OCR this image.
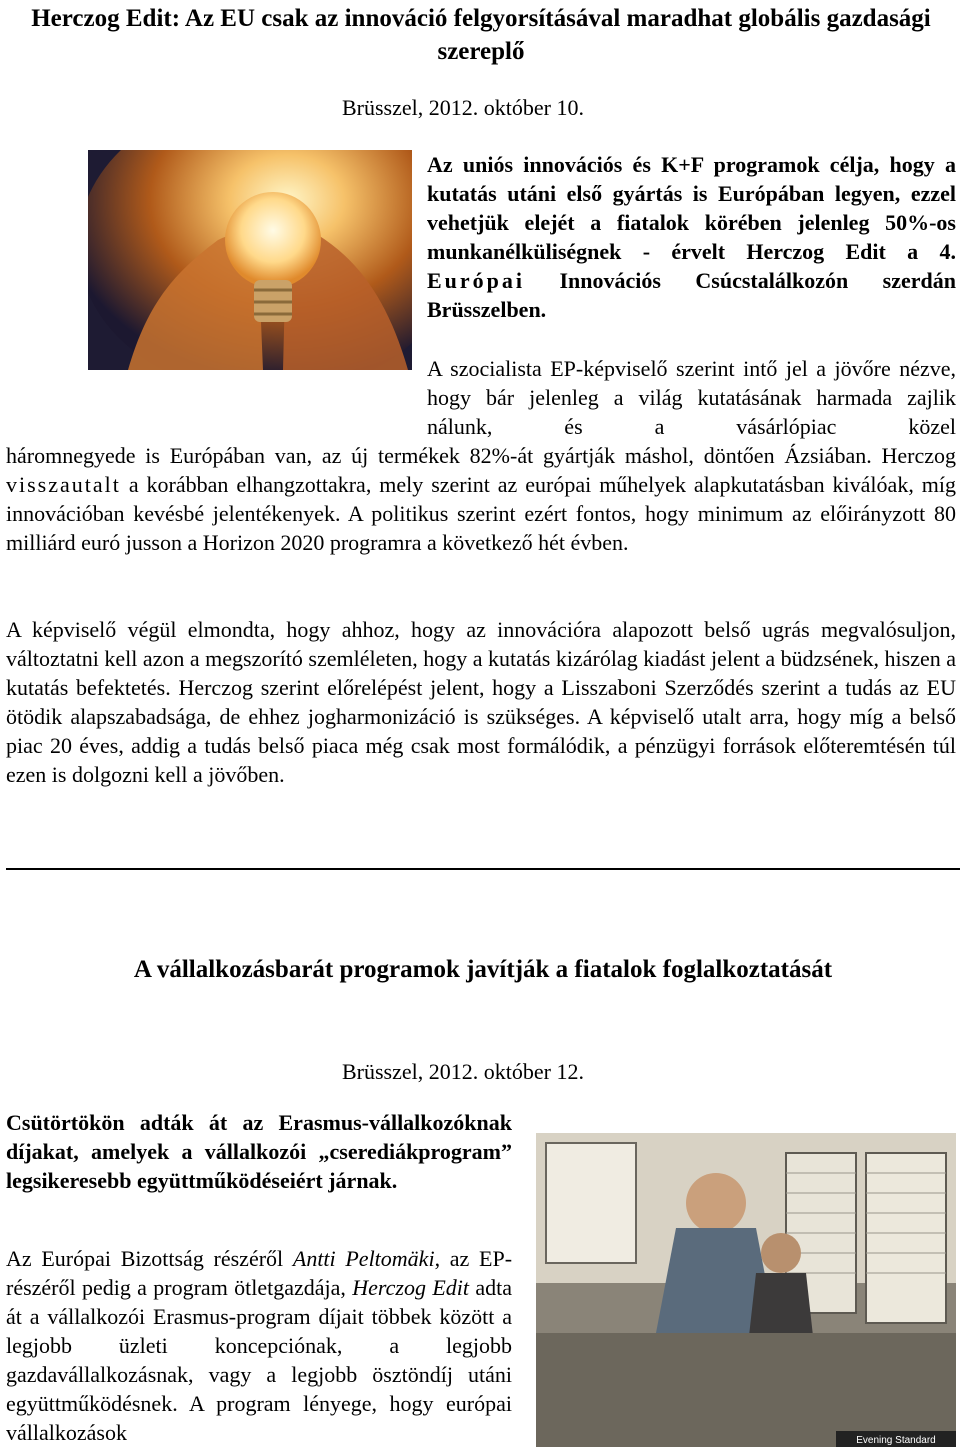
Herczog Edit: Az EU csak az innováció felgyorsításával maradhat globális gazdasági szereplő
Brüsszel, 2012. október 10.

Az uniós innovációs és K+F programok célja, hogy a kutatás utáni első gyártás is Európában legyen, ezzel vehetjük elejét a fiatalok körében jelenleg 50%-os munkanélküliségnek - érvelt Herczog Edit a 4. Európai Innovációs Csúcstalálkozón szerdán Brüsszelben.

A szocialista EP-képviselő szerint intő jel a jövőre nézve, hogy bár jelenleg a világ kutatásának harmada zajlik nálunk, és a vásárlópiac közel

háromnegyede is Európában van, az új termékek 82%-át gyártják máshol, döntően Ázsiában. Herczog visszautalt a korábban elhangzottakra, mely szerint az európai műhelyek alapkutatásban kiválóak, míg innovációban kevésbé jelentékenyek. A politikus szerint ezért fontos, hogy minimum az előirányzott 80 milliárd euró jusson a Horizon 2020 programra a következő hét évben.

A képviselő végül elmondta, hogy ahhoz, hogy az innovációra alapozott belső ugrás megvalósuljon, változtatni kell azon a megszorító szemléleten, hogy a kutatás kizárólag kiadást jelent a büdzsének, hiszen a kutatás befektetés. Herczog szerint előrelépést jelent, hogy a Lisszaboni Szerződés szerint a tudás az EU ötödik alapszabadsága, de ehhez jogharmonizáció is szükséges. A képviselő utalt arra, hogy míg a belső piac 20 éves, addig a tudás belső piaca még csak most formálódik, a pénzügyi források előteremtésén túl ezen is dolgozni kell a jövőben.

A vállalkozásbarát programok javítják a fiatalok foglalkoztatását
Brüsszel, 2012. október 12.

Csütörtökön adták át az Erasmus-vállalkozóknak díjakat, amelyek a vállalkozói „cserediákprogram” legsikeresebb együttműködéseiért járnak.

Az Európai Bizottság részéről Antti Peltomäki, az EP-részéről pedig a program ötletgazdája, Herczog Edit adta át a vállalkozói Erasmus-program díjait többek között a legjobb üzleti koncepciónak, a legjobb gazdavállalkozásnak, vagy a legjobb ösztöndíj utáni együttműködésnek. A program lényege, hogy európai vállalkozások	Evening Standard
